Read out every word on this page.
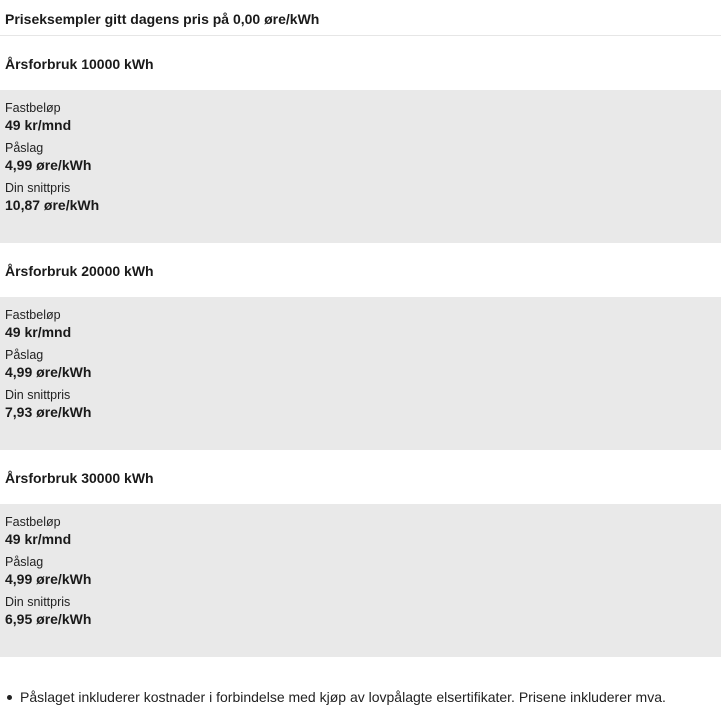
Priseksempler gitt dagens pris på 0,00 øre/kWh
Årsforbruk 10000 kWh
Fastbeløp
49 kr/mnd
Påslag
4,99 øre/kWh
Din snittpris
10,87 øre/kWh
Årsforbruk 20000 kWh
Fastbeløp
49 kr/mnd
Påslag
4,99 øre/kWh
Din snittpris
7,93 øre/kWh
Årsforbruk 30000 kWh
Fastbeløp
49 kr/mnd
Påslag
4,99 øre/kWh
Din snittpris
6,95 øre/kWh
Påslaget inkluderer kostnader i forbindelse med kjøp av lovpålagte elsertifikater. Prisene inkluderer mva.
